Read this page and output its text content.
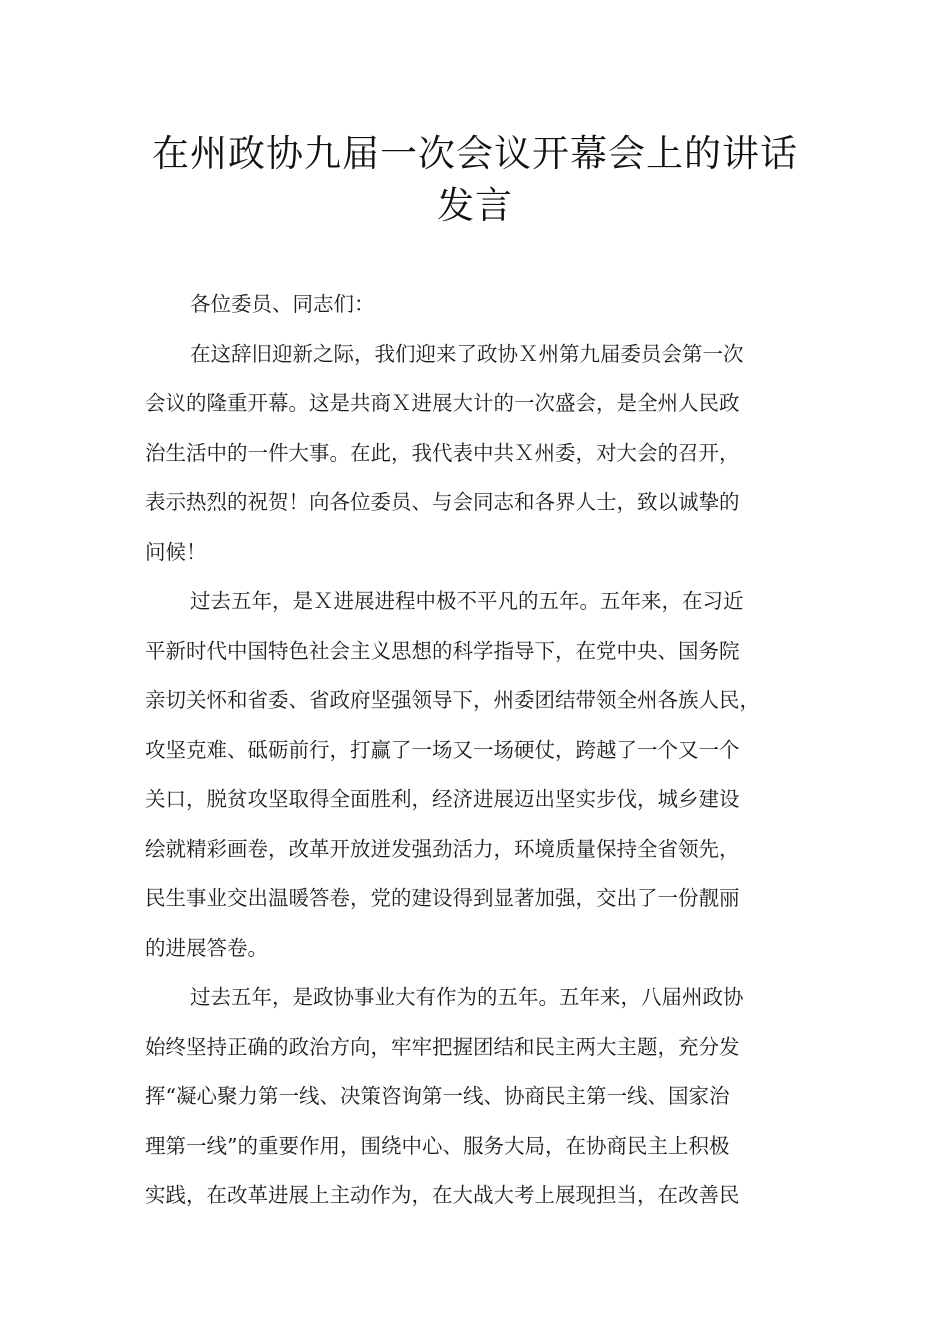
在州政协九届一次会议开幕会上的讲话
发言

各位委员、同志们：

在这辞旧迎新之际，我们迎来了政协Ｘ州第九届委员会第一次
会议的隆重开幕。这是共商Ｘ进展大计的一次盛会，是全州人民政
治生活中的一件大事。在此，我代表中共Ｘ州委，对大会的召开，
表示热烈的祝贺！向各位委员、与会同志和各界人士，致以诚挚的
问候！

过去五年，是Ｘ进展进程中极不平凡的五年。五年来，在习近
平新时代中国特色社会主义思想的科学指导下，在党中央、国务院
亲切关怀和省委、省政府坚强领导下，州委团结带领全州各族人民，
攻坚克难、砥砺前行，打赢了一场又一场硬仗，跨越了一个又一个
关口，脱贫攻坚取得全面胜利，经济进展迈出坚实步伐，城乡建设
绘就精彩画卷，改革开放迸发强劲活力，环境质量保持全省领先，
民生事业交出温暖答卷，党的建设得到显著加强，交出了一份靓丽
的进展答卷。

过去五年，是政协事业大有作为的五年。五年来，八届州政协
始终坚持正确的政治方向，牢牢把握团结和民主两大主题，充分发
挥“凝心聚力第一线、决策咨询第一线、协商民主第一线、国家治
理第一线”的重要作用，围绕中心、服务大局，在协商民主上积极
实践，在改革进展上主动作为，在大战大考上展现担当，在改善民
